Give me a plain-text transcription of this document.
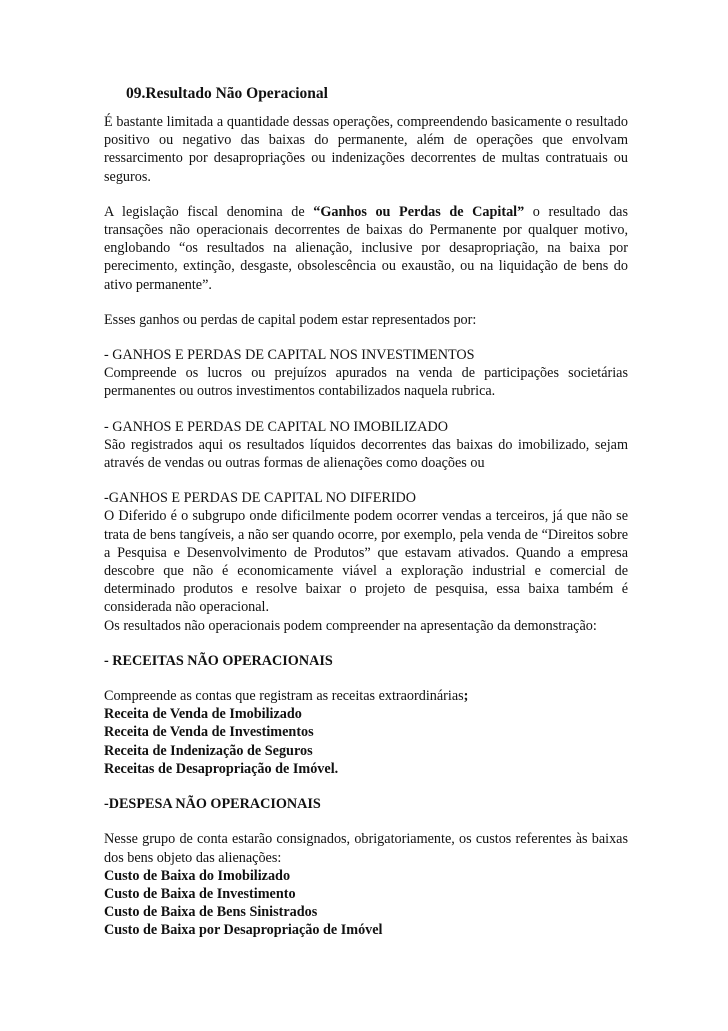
09.Resultado Não Operacional

É bastante limitada a quantidade dessas operações, compreendendo basicamente o resultado positivo ou negativo das baixas do permanente, além de operações que envolvam ressarcimento por desapropriações ou indenizações decorrentes de multas contratuais ou seguros.

A legislação fiscal denomina de “Ganhos ou Perdas de Capital” o resultado das transações não operacionais decorrentes de baixas do Permanente por qualquer motivo, englobando “os resultados na alienação, inclusive por desapropriação, na baixa por perecimento, extinção, desgaste, obsolescência ou exaustão, ou na liquidação de bens do ativo permanente”.

Esses ganhos ou perdas de capital podem estar representados por:

- GANHOS E PERDAS DE CAPITAL NOS INVESTIMENTOS
Compreende os lucros ou prejuízos apurados na venda de participações societárias permanentes ou outros investimentos contabilizados naquela rubrica.

- GANHOS E PERDAS DE CAPITAL NO IMOBILIZADO
São registrados aqui os resultados líquidos decorrentes das baixas do imobilizado, sejam através de vendas ou outras formas de alienações como doações ou

-GANHOS E PERDAS DE CAPITAL NO DIFERIDO
O Diferido é o subgrupo onde dificilmente podem ocorrer vendas a terceiros, já que não se trata de bens tangíveis, a não ser quando ocorre, por exemplo, pela venda de “Direitos sobre a Pesquisa e Desenvolvimento de Produtos” que estavam ativados. Quando a empresa descobre que não é economicamente viável a exploração industrial e comercial de determinado produtos e resolve baixar o projeto de pesquisa, essa baixa também é considerada não operacional.
Os resultados não operacionais podem compreender na apresentação da demonstração:

- RECEITAS NÃO OPERACIONAIS

Compreende as contas que registram as receitas extraordinárias;
Receita de Venda de Imobilizado
Receita de Venda de Investimentos
Receita de Indenização de Seguros
Receitas de Desapropriação de Imóvel.

-DESPESA NÃO OPERACIONAIS

Nesse grupo de conta estarão consignados, obrigatoriamente, os custos referentes às baixas dos bens objeto das alienações:
Custo de Baixa do Imobilizado
Custo de Baixa de Investimento
Custo de Baixa de Bens Sinistrados
Custo de Baixa por Desapropriação de Imóvel
